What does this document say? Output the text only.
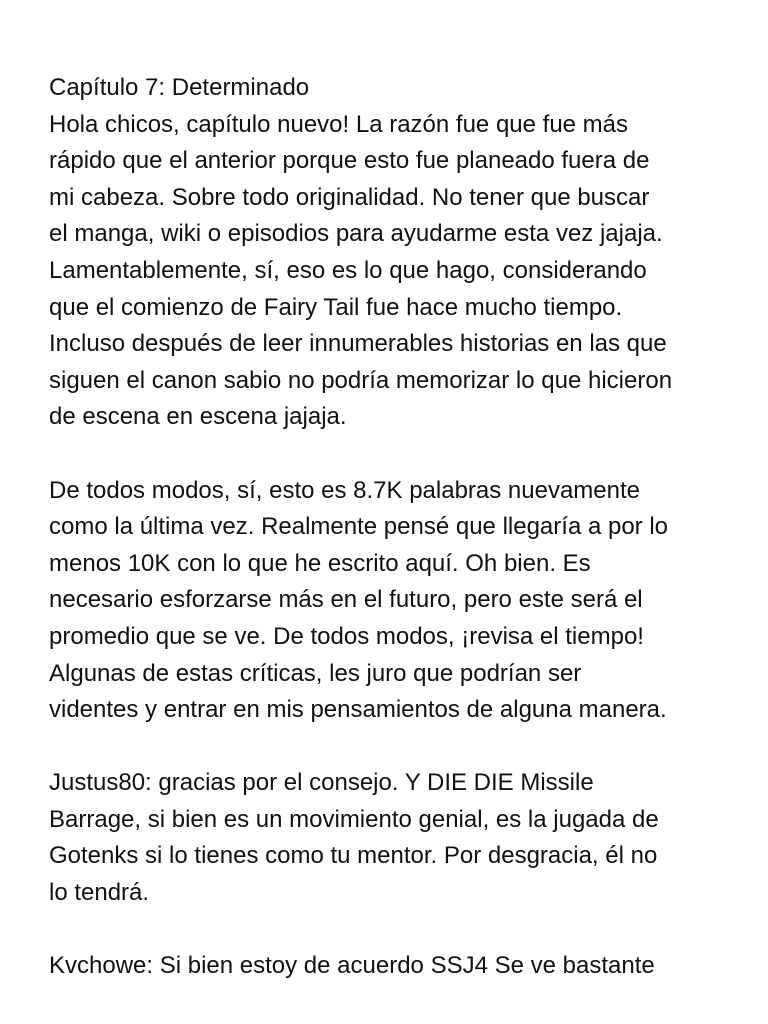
Capítulo 7: Determinado
Hola chicos, capítulo nuevo! La razón fue que fue más
rápido que el anterior porque esto fue planeado fuera de
mi cabeza. Sobre todo originalidad. No tener que buscar
el manga, wiki o episodios para ayudarme esta vez jajaja.
Lamentablemente, sí, eso es lo que hago, considerando
que el comienzo de Fairy Tail fue hace mucho tiempo.
Incluso después de leer innumerables historias en las que
siguen el canon sabio no podría memorizar lo que hicieron
de escena en escena jajaja.
De todos modos, sí, esto es 8.7K palabras nuevamente
como la última vez. Realmente pensé que llegaría a por lo
menos 10K con lo que he escrito aquí. Oh bien. Es
necesario esforzarse más en el futuro, pero este será el
promedio que se ve. De todos modos, ¡revisa el tiempo!
Algunas de estas críticas, les juro que podrían ser
videntes y entrar en mis pensamientos de alguna manera.
Justus80: gracias por el consejo. Y DIE DIE Missile
Barrage, si bien es un movimiento genial, es la jugada de
Gotenks si lo tienes como tu mentor. Por desgracia, él no
lo tendrá.
Kvchowe: Si bien estoy de acuerdo SSJ4 Se ve bastante
